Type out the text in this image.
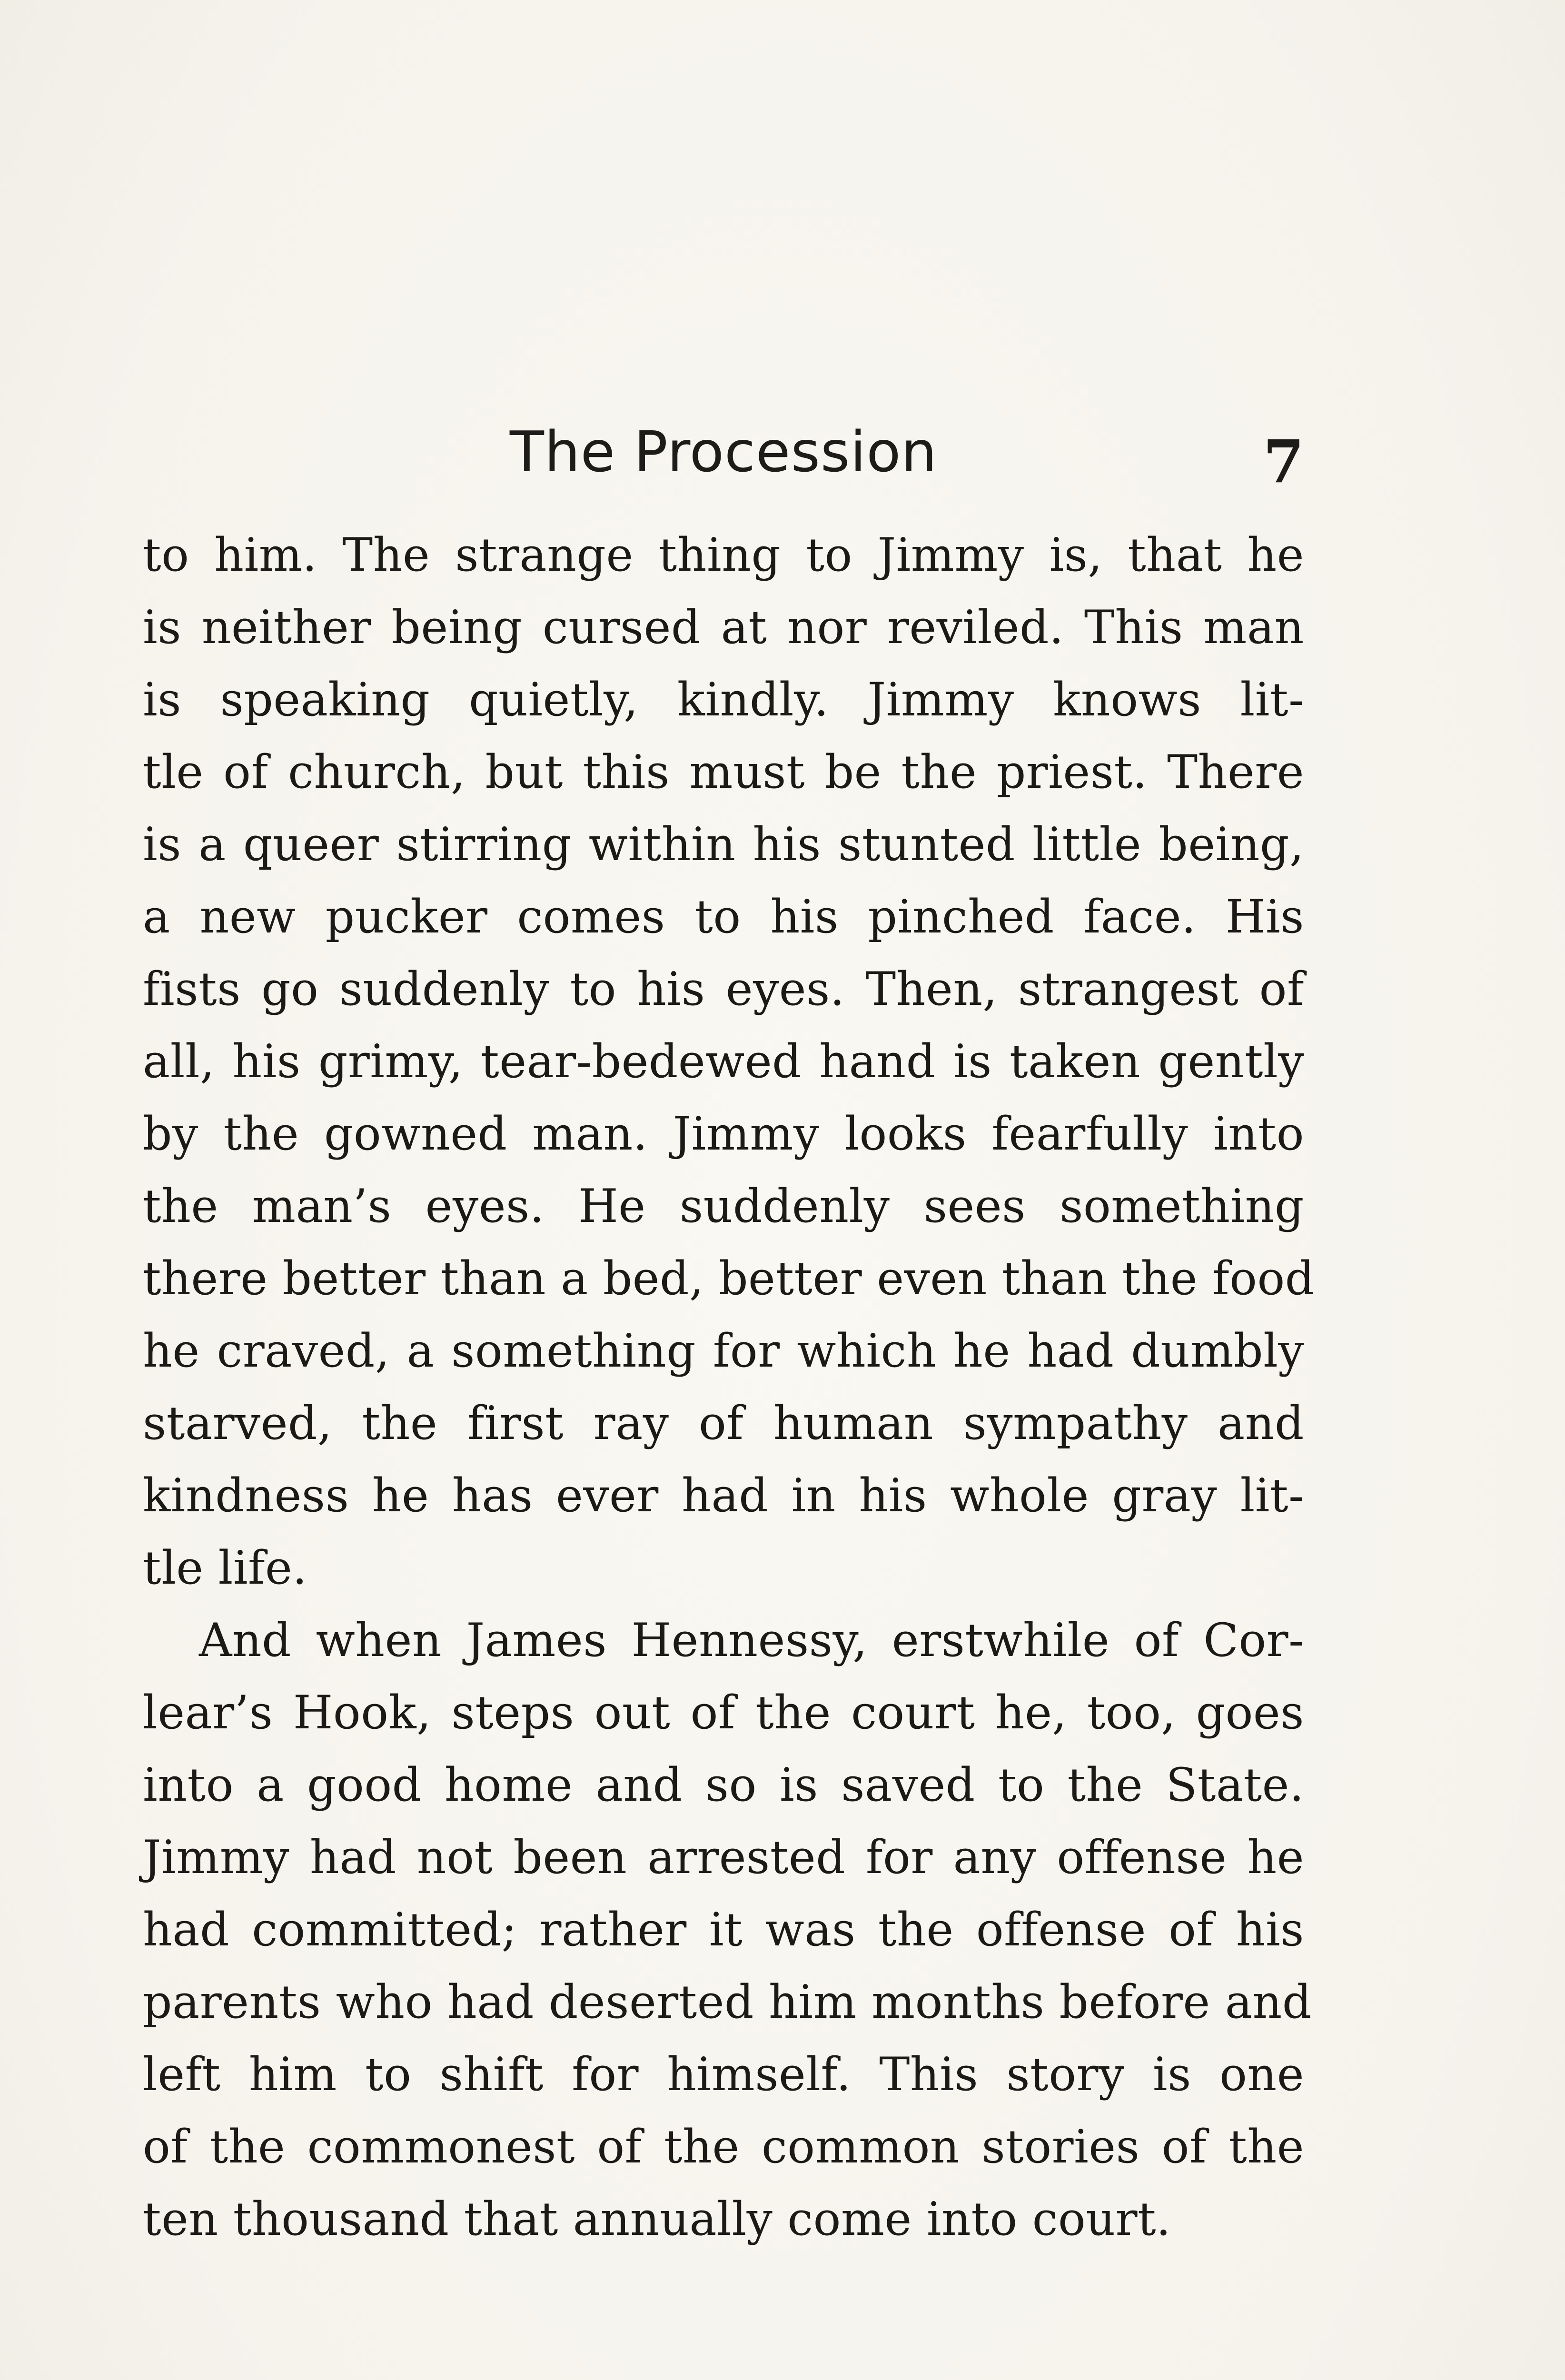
The Procession	7
to him. The strange thing to Jimmy is, that he
is neither being cursed at nor reviled. This man
is speaking quietly, kindly. Jimmy knows lit-
tle of church, but this must be the priest. There
is a queer stirring within his stunted little being,
a new pucker comes to his pinched face. His
fists go suddenly to his eyes. Then, strangest of
all, his grimy, tear-bedewed hand is taken gently
by the gowned man. Jimmy looks fearfully into
the man’s eyes. He suddenly sees something
there better than a bed, better even than the food
he craved, a something for which he had dumbly
starved, the first ray of human sympathy and
kindness he has ever had in his whole gray lit-
tle life.
And when James Hennessy, erstwhile of Cor-
lear’s Hook, steps out of the court he, too, goes
into a good home and so is saved to the State.
Jimmy had not been arrested for any offense he
had committed; rather it was the offense of his
parents who had deserted him months before and
left him to shift for himself. This story is one
of the commonest of the common stories of the
ten thousand that annually come into court.
